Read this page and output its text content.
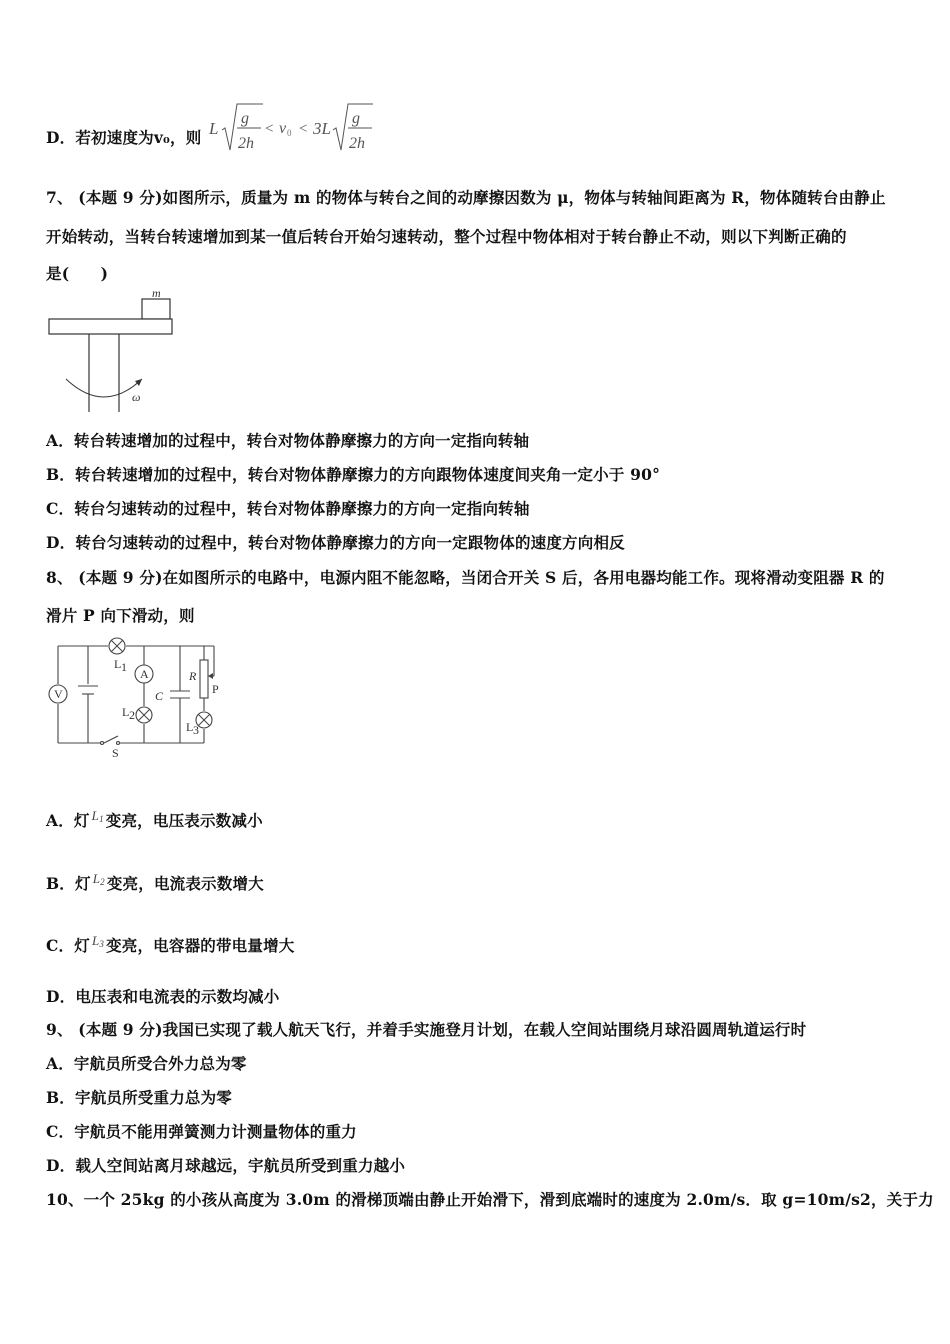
D．若初速度为v₀，则 L
g
2h
< v 0 < 3L
g
2h
7、 (本题 9 分)如图所示，质量为 m 的物体与转台之间的动摩擦因数为 μ，物体与转轴间距离为 R，物体随转台由静止
开始转动，当转台转速增加到某一值后转台开始匀速转动，整个过程中物体相对于转台静止不动，则以下判断正确的
是(　　)
m
ω
A．转台转速增加的过程中，转台对物体静摩擦力的方向一定指向转轴
B．转台转速增加的过程中，转台对物体静摩擦力的方向跟物体速度间夹角一定小于 90°
C．转台匀速转动的过程中，转台对物体静摩擦力的方向一定指向转轴
D．转台匀速转动的过程中，转台对物体静摩擦力的方向一定跟物体的速度方向相反
8、 (本题 9 分)在如图所示的电路中，电源内阻不能忽略，当闭合开关 S 后，各用电器均能工作。现将滑动变阻器 R 的
滑片 P 向下滑动，则
V
A
L 1
L 2
C
R
P
L 3
S
A．灯 $^{L1}$ 变亮，电压表示数减小
B．灯 $^{L2}$ 变亮，电流表示数增大
C．灯 $^{L3}$ 变亮，电容器的带电量增大
D．电压表和电流表的示数均减小
9、 (本题 9 分)我国已实现了载人航天飞行，并着手实施登月计划，在载人空间站围绕月球沿圆周轨道运行时
A．宇航员所受合外力总为零
B．宇航员所受重力总为零
C．宇航员不能用弹簧测力计测量物体的重力
D．载人空间站离月球越远，宇航员所受到重力越小
10、一个 25kg 的小孩从高度为 3.0m 的滑梯顶端由静止开始滑下，滑到底端时的速度为 2.0m/s．取 g=10m/s2，关于力
